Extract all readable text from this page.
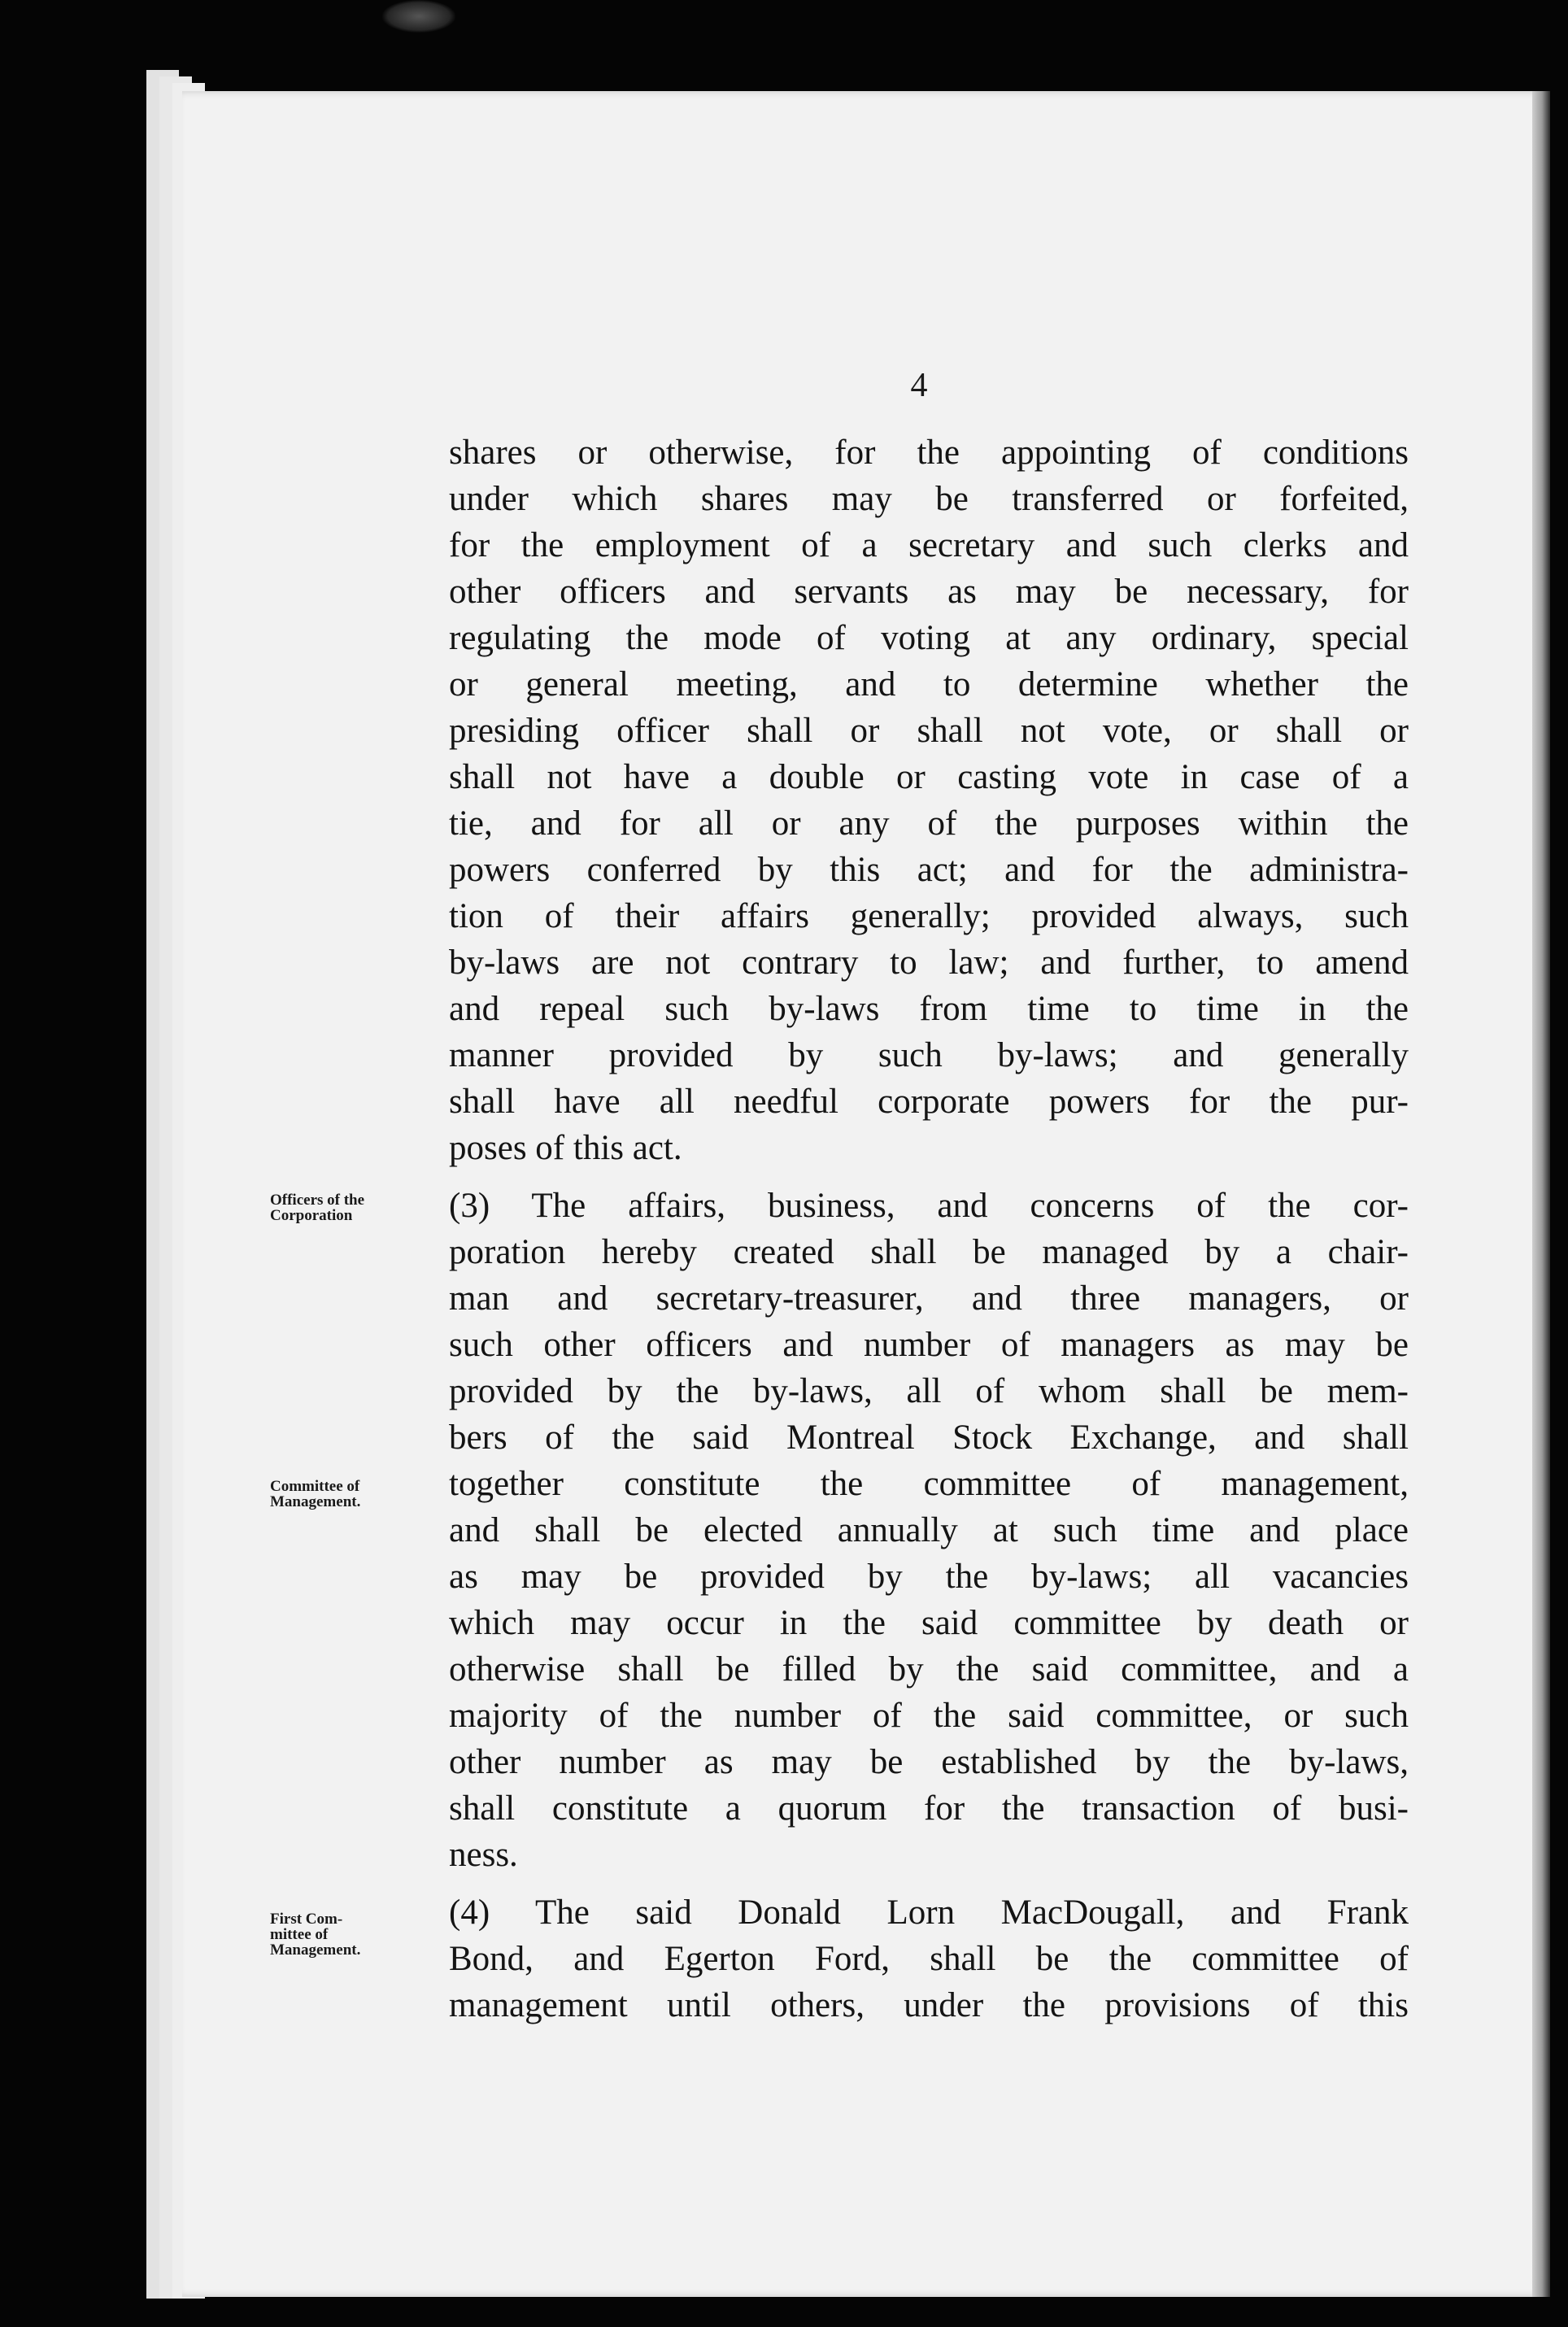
4
Officers of the
Corporation
Committee of
Management.
First Com-
mittee of
Management.
shares or otherwise, for the appointing of conditions
under which shares may be transferred or forfeited,
for the employment of a secretary and such clerks and
other officers and servants as may be necessary, for
regulating the mode of voting at any ordinary, special
or general meeting, and to determine whether the
presiding officer shall or shall not vote, or shall or
shall not have a double or casting vote in case of a
tie, and for all or any of the purposes within the
powers conferred by this act; and for the administra-
tion of their affairs generally; provided always, such
by-laws are not contrary to law; and further, to amend
and repeal such by-laws from time to time in the
manner provided by such by-laws; and generally
shall have all needful corporate powers for the pur-
poses of this act.
(3) The affairs, business, and concerns of the cor-
poration hereby created shall be managed by a chair-
man and secretary-treasurer, and three managers, or
such other officers and number of managers as may be
provided by the by-laws, all of whom shall be mem-
bers of the said Montreal Stock Exchange, and shall
together constitute the committee of management,
and shall be elected annually at such time and place
as may be provided by the by-laws; all vacancies
which may occur in the said committee by death or
otherwise shall be filled by the said committee, and a
majority of the number of the said committee, or such
other number as may be established by the by-laws,
shall constitute a quorum for the transaction of busi-
ness.
(4) The said Donald Lorn MacDougall, and Frank
Bond, and Egerton Ford, shall be the committee of
management until others, under the provisions of this
